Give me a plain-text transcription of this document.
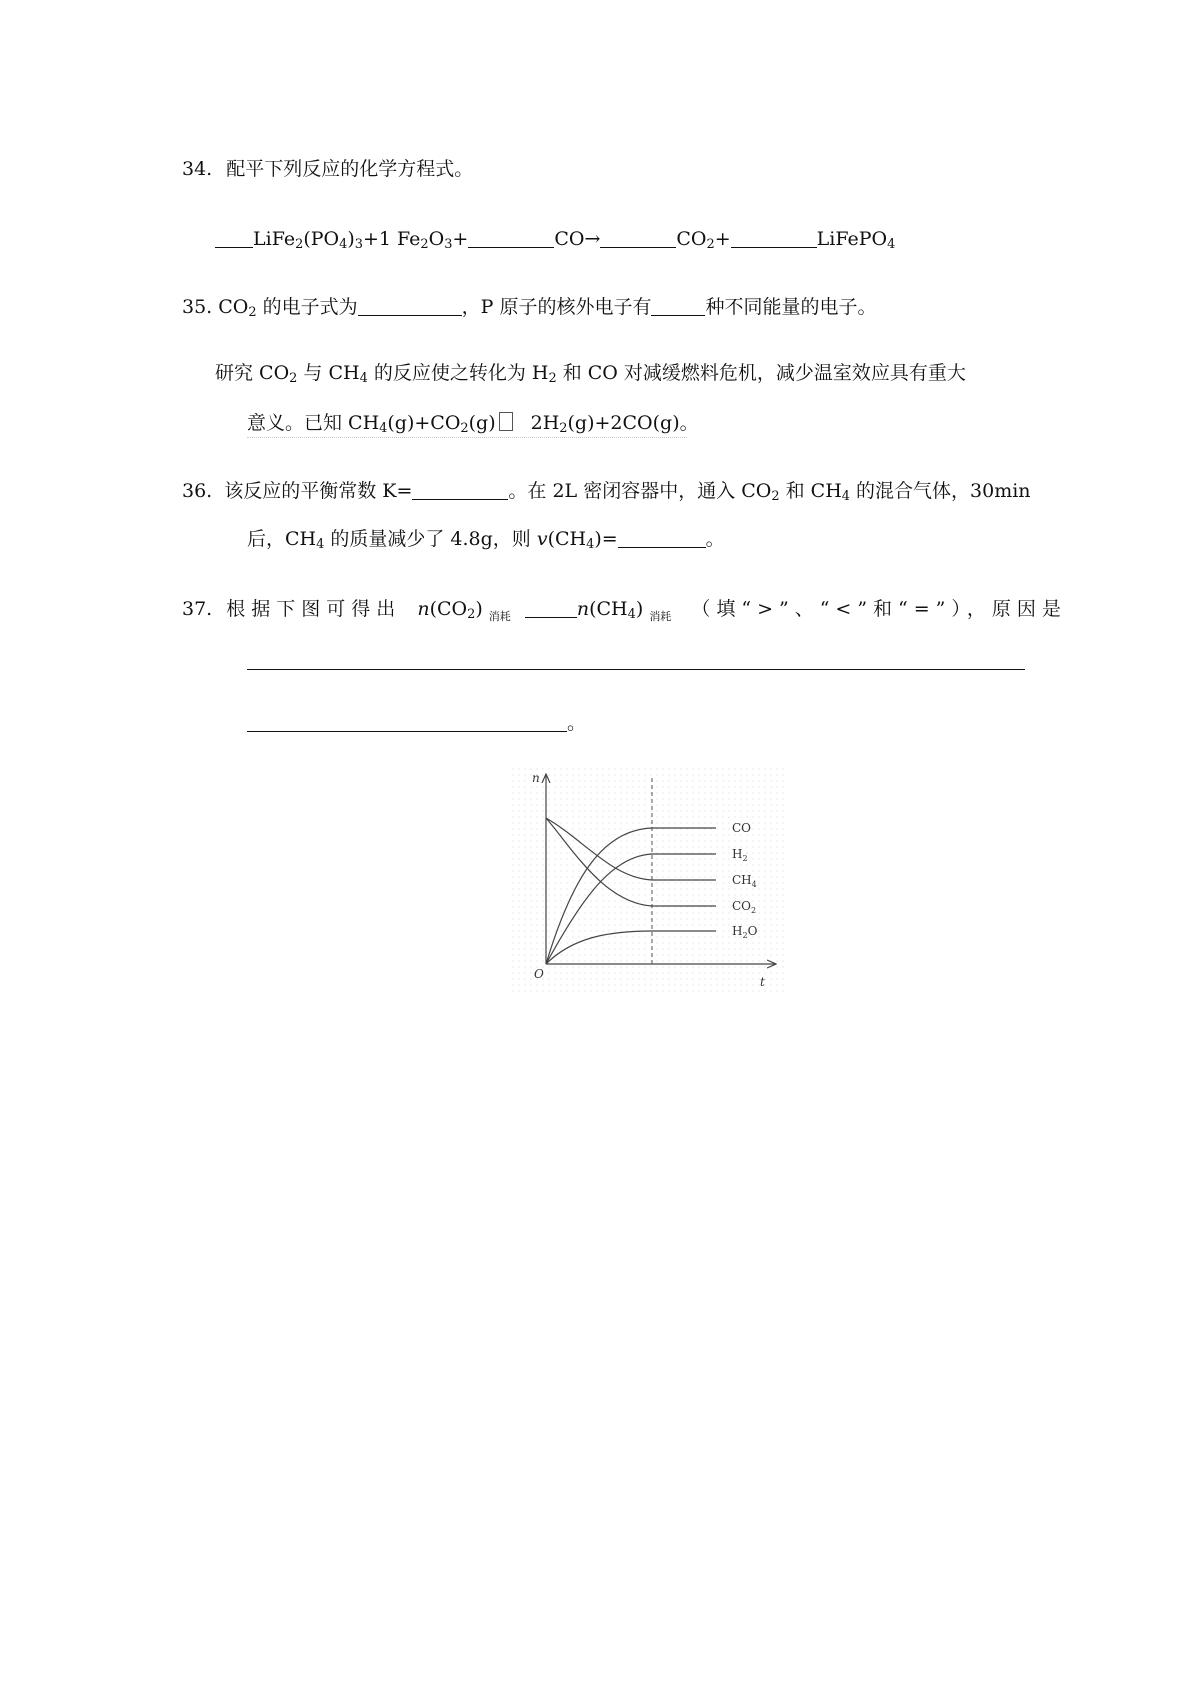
34. 配平下列反应的化学方程式。
$LiFe_2(PO_4)_3+1$ $Fe_2O_3+$	CO→	$CO_2+$	LiFePO$_4$
35. $CO_2$ 的电子式为	，P 原子的核外电子有	种不同能量的电子。
研究 $CO_2$ 与 $CH_4$ 的反应使之转化为 $H_2$ 和 CO 对减缓燃料危机，减少温室效应具有重大
意义。已知 $CH_4(g)+CO_2(g)$ $2H_2(g)+2CO(g)$。
36. 该反应的平衡常数 K=	。在 2L 密闭容器中，通入 $CO_2$ 和 $CH_4$ 的混合气体，30min
后，$CH_4$ 的质量减少了 4.8g，则 $v(CH_4)=$	。
37. 根据下图可得出 $n(CO_2)$ $_{消耗}$	$n(CH_4)$ $_{消耗}$ （填“>”、“<”和“=”），原因是
。
n
t
O
CO
$H_2$
$CH_4$
$CO_2$
$H_2O$
